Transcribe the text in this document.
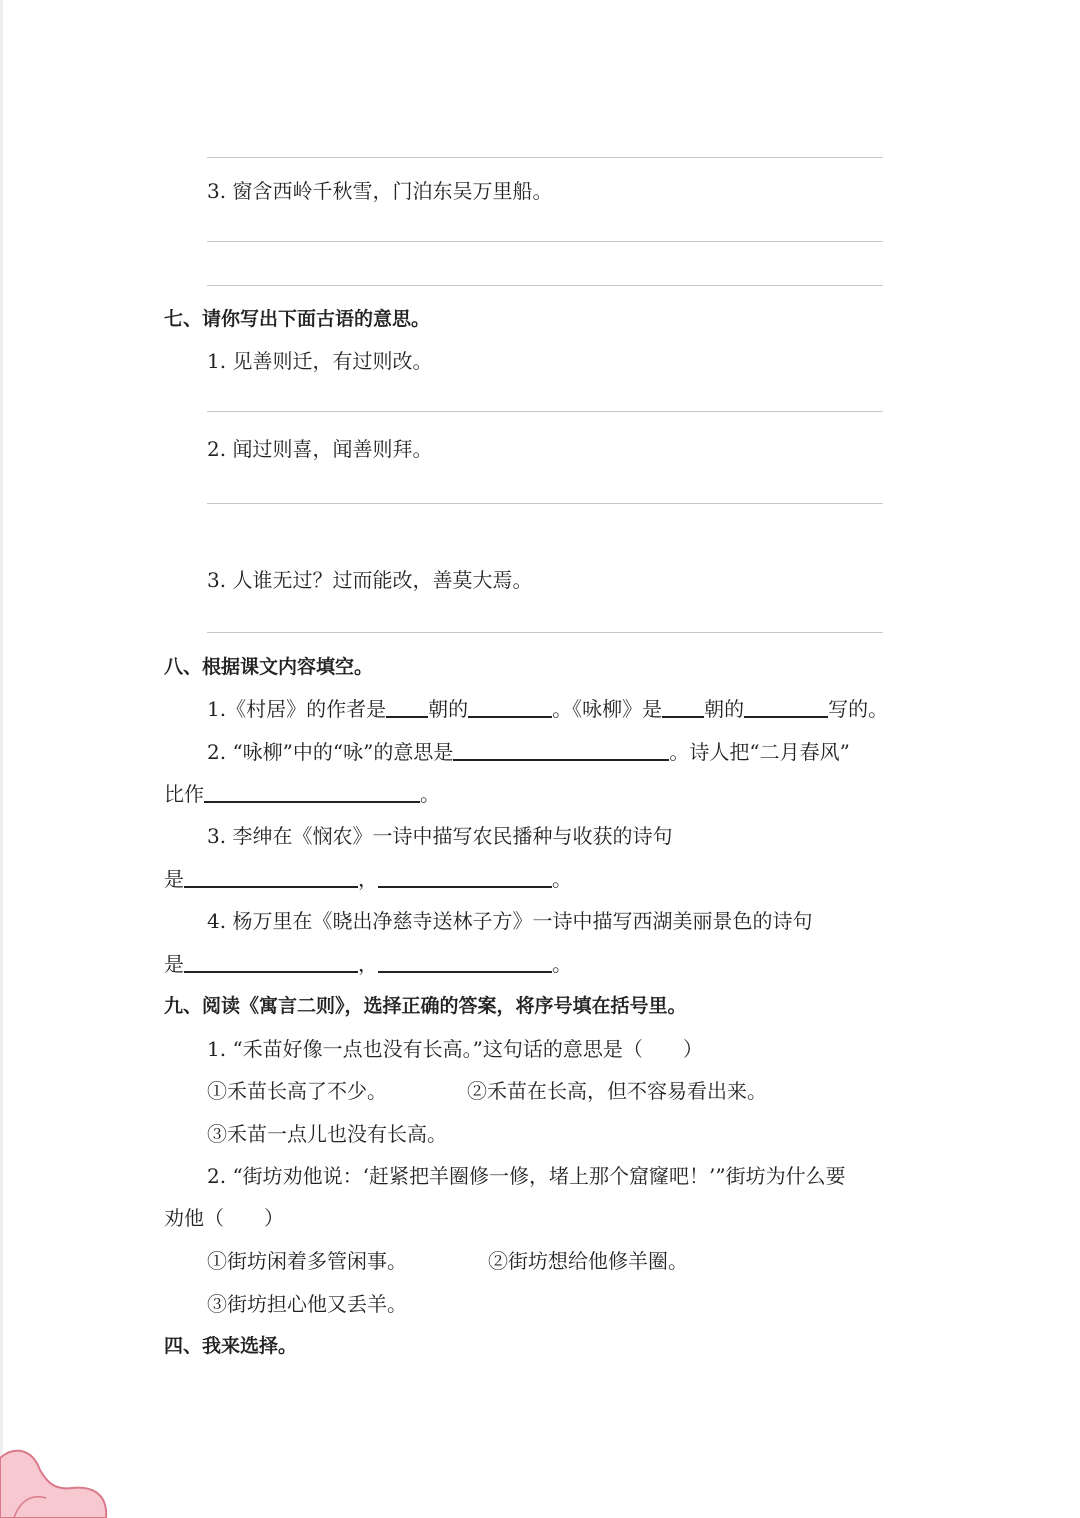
3. 窗含西岭千秋雪，门泊东吴万里船。
七、请你写出下面古语的意思。
1. 见善则迁，有过则改。
2. 闻过则喜，闻善则拜。
3. 人谁无过？过而能改，善莫大焉。
八、根据课文内容填空。
1.《村居》的作者是 朝的	。《咏柳》是 朝的	写的。
2. “咏柳”中的“咏”的意思是	。诗人把“二月春风”
比作	。
3. 李绅在《悯农》一诗中描写农民播种与收获的诗句
是	，	。
4. 杨万里在《晓出净慈寺送林子方》一诗中描写西湖美丽景色的诗句
是	，	。
九、阅读《寓言二则》，选择正确的答案，将序号填在括号里。
1. “禾苗好像一点也没有长高。”这句话的意思是（　　）
①禾苗长高了不少。	②禾苗在长高，但不容易看出来。
③禾苗一点儿也没有长高。
2. “街坊劝他说：‘赶紧把羊圈修一修，堵上那个窟窿吧！’”街坊为什么要
劝他（　　）
①街坊闲着多管闲事。	②街坊想给他修羊圈。
③街坊担心他又丢羊。
四、我来选择。
